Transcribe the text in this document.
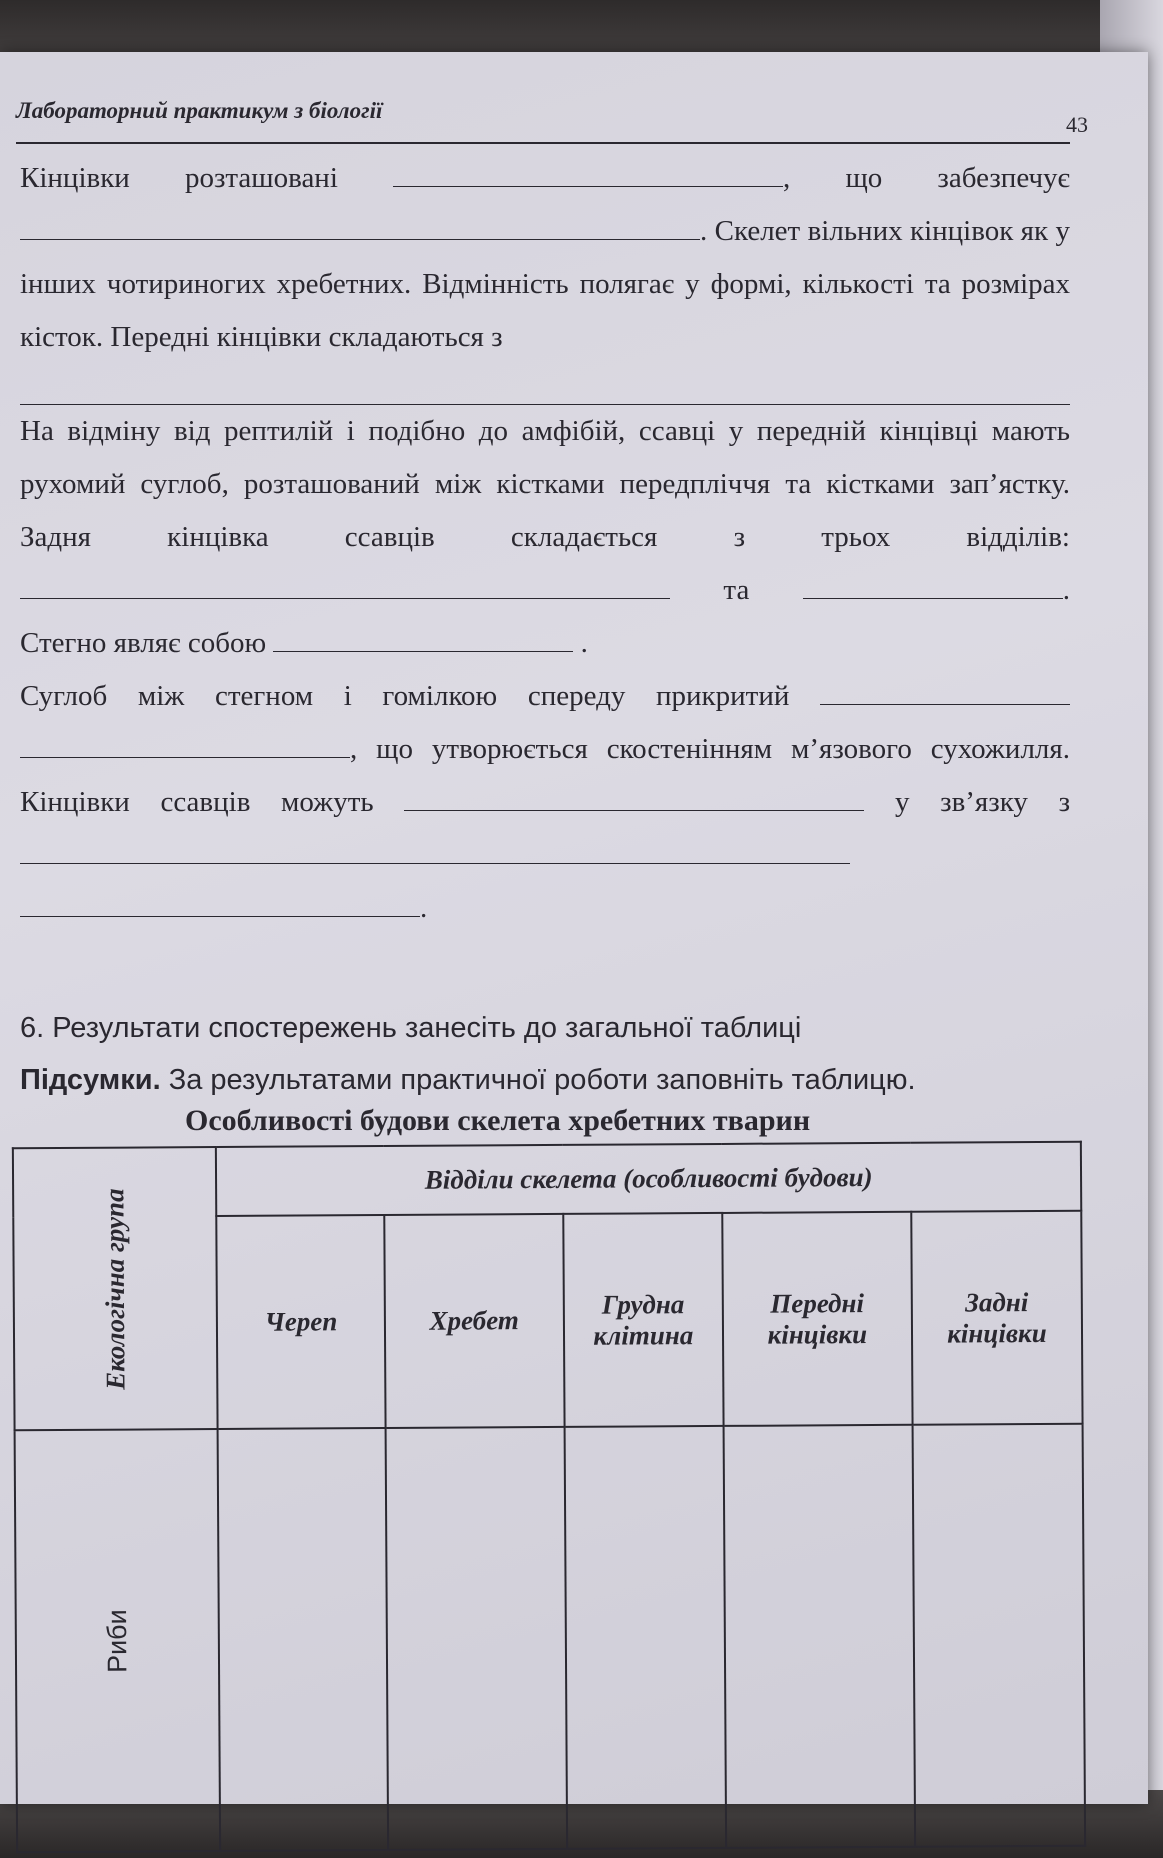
Лабораторний практикум з біології
43

Кінцівки розташовані	, що забезпечує . Скелет вільних кінцівок як у інших чотириногих хребетних. Відмінність полягає у формі, кількості та розмірах кісток. Передні кінцівки складаються з

На відміну від рептилій і подібно до амфібій, ссавці у передній кінцівці мають рухомий суглоб, розташований між кістками передпліччя та кістками зап’ястку. Задня кінцівка ссавців складається з трьох відділів:  та	. Стегно являє собою	.

Суглоб між стегном і гомілкою спереду прикритий  , що утворюється скостенінням м’язового сухожилля. Кінцівки ссавців можуть	у зв’язку з  .

6. Результати спостережень занесіть до загальної таблиці
Підсумки. За результатами практичної роботи заповніть таблицю.
Особливості будови скелета хребетних тварин
Екологічна група	Відділи скелета (особливості будови)				
	Череп	Хребет	Грудна клітина	Передні кінцівки	Задні кінцівки
Риби					
